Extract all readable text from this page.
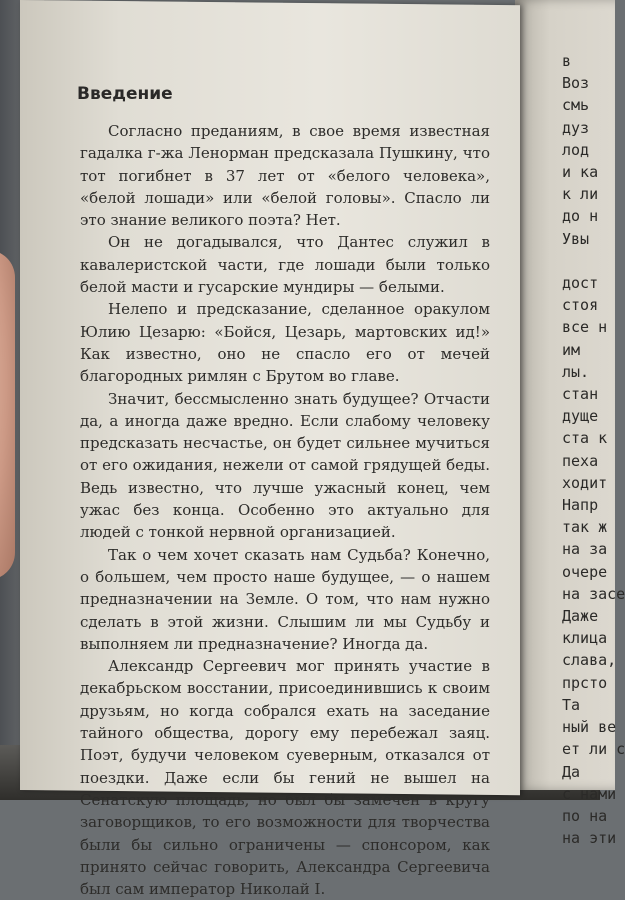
в
Воз
смь
дуз
лод
и ка
к ли
до н
Увы

дост
стоя
все н
им
лы.
стан
дуще
ста к
пеха
ходит
Напр
так ж
на за
очере
на засе
Даже
клица
слава,
прсто
Та
ный ве
ет ли с
Да
с нами
по на
на эти
Введение

Согласно преданиям, в свое время известная гадалка г-жа Ленорман предсказала Пушкину, что тот погибнет в 37 лет от «белого человека», «белой лошади» или «белой головы». Спасло ли это знание великого поэта? Нет.

Он не догадывался, что Дантес служил в кавалеристской части, где лошади были только белой масти и гусарские мундиры — белыми.

Нелепо и предсказание, сделанное оракулом Юлию Цезарю: «Бойся, Цезарь, мартовских ид!» Как известно, оно не спасло его от мечей благородных римлян с Брутом во главе.

Значит, бессмысленно знать будущее? Отчасти да, а иногда даже вредно. Если слабому человеку предсказать несчастье, он будет сильнее мучиться от его ожидания, нежели от самой грядущей беды. Ведь известно, что лучше ужасный конец, чем ужас без конца. Особенно это актуально для людей с тонкой нервной организацией.

Так о чем хочет сказать нам Судьба? Конечно, о большем, чем просто наше будущее, — о нашем предназначении на Земле. О том, что нам нужно сделать в этой жизни. Слышим ли мы Судьбу и выполняем ли предназначение? Иногда да.

Александр Сергеевич мог принять участие в декабрьском восстании, присоединившись к своим друзьям, но когда собрался ехать на заседание тайного общества, дорогу ему перебежал заяц. Поэт, будучи человеком суеверным, отказался от поездки. Даже если бы гений не вышел на Сенатскую площадь, но был бы замечен в кругу заговорщиков, то его возможности для творчества были бы сильно ограничены — спонсором, как принято сейчас говорить, Александра Сергеевича был сам император Николай I.
